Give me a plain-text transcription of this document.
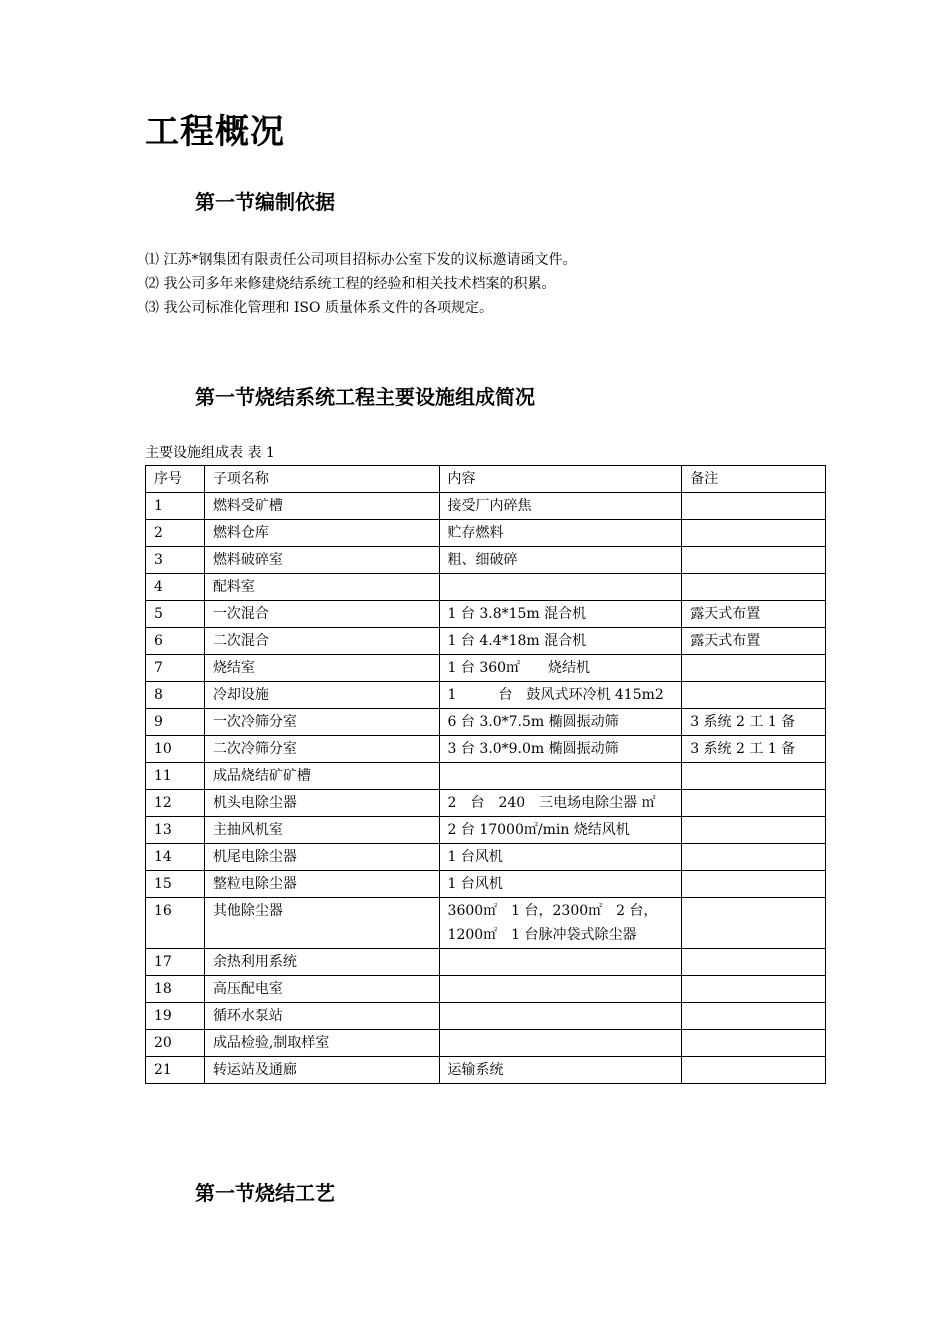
工程概况
第一节编制依据
⑴ 江苏*钢集团有限责任公司项目招标办公室下发的议标邀请函文件。
⑵ 我公司多年来修建烧结系统工程的经验和相关技术档案的积累。
⑶ 我公司标准化管理和 ISO 质量体系文件的各项规定。
第一节烧结系统工程主要设施组成简况
主要设施组成表 表 1
序号	子项名称	内容	备注
1	燃料受矿槽	接受厂内碎焦	
2	燃料仓库	贮存燃料	
3	燃料破碎室	粗、细破碎	
4	配料室		
5	一次混合	1 台 3.8*15m 混合机	露天式布置
6	二次混合	1 台 4.4*18m 混合机	露天式布置
7	烧结室	1 台 360㎡　　烧结机	
8	冷却设施	1　　　台　鼓风式环冷机 415m2	
9	一次冷筛分室	6 台 3.0*7.5m 椭圆振动筛	3 系统 2 工 1 备
10	二次冷筛分室	3 台 3.0*9.0m 椭圆振动筛	3 系统 2 工 1 备
11	成品烧结矿矿槽		
12	机头电除尘器	2　台　240　三电场电除尘器 ㎡	
13	主抽风机室	2 台 17000㎡/min 烧结风机	
14	机尾电除尘器	1 台风机	
15	整粒电除尘器	1 台风机	
16	其他除尘器	3600㎡　1 台，2300㎡　2 台，1200㎡　1 台脉冲袋式除尘器	
17	余热利用系统		
18	高压配电室		
19	循环水泵站		
20	成品检验,制取样室		
21	转运站及通廊	运输系统	
第一节烧结工艺
